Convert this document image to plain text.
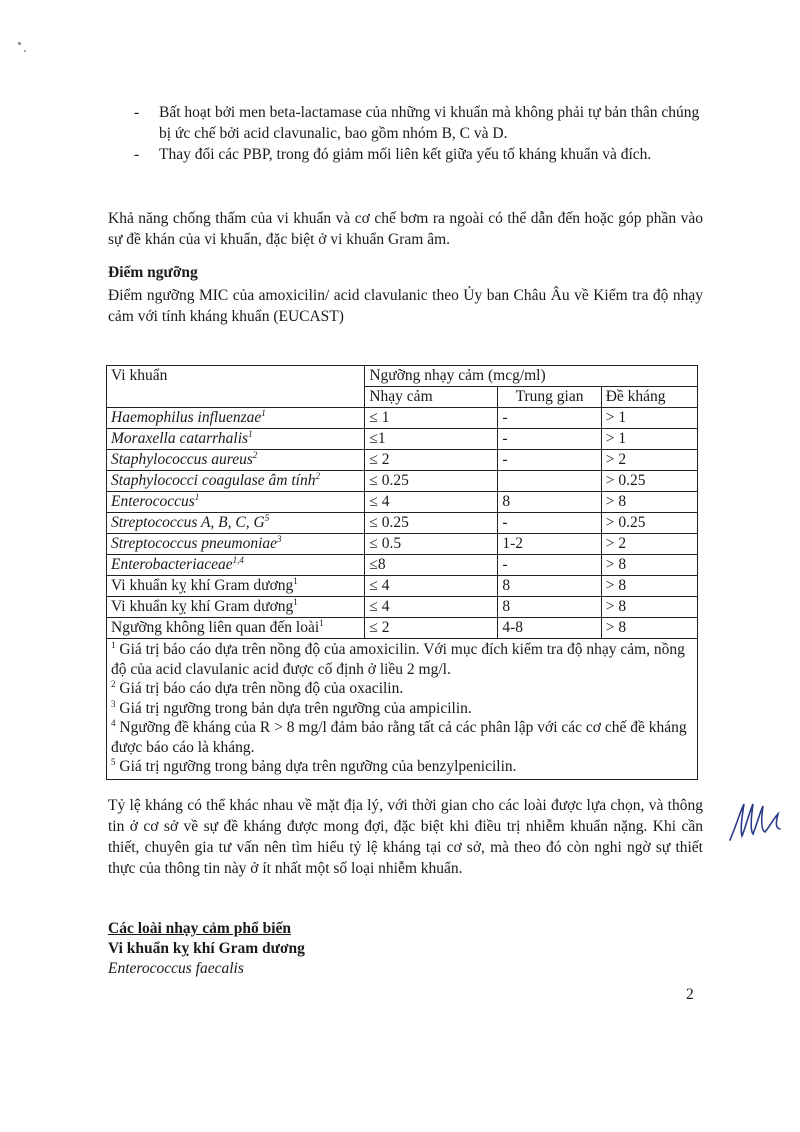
- Bất hoạt bởi men beta-lactamase của những vi khuẩn mà không phải tự bản thân chúng bị ức chế bởi acid clavunalic, bao gồm nhóm B, C và D.
- Thay đổi các PBP, trong đó giảm mối liên kết giữa yếu tố kháng khuẩn và đích.

Khả năng chống thấm của vi khuẩn và cơ chế bơm ra ngoài có thể dẫn đến hoặc góp phần vào sự đề khán của vi khuẩn, đặc biệt ở vi khuẩn Gram âm.

Điểm ngưỡng

Điểm ngưỡng MIC của amoxicilin/ acid clavulanic theo Ủy ban Châu Âu về Kiểm tra độ nhạy cảm với tính kháng khuẩn (EUCAST)

Vi khuẩn	Ngưỡng nhạy cảm (mcg/ml)		
	Nhạy cảm	Trung gian	Đề kháng
Haemophilus influenzae$^1$	≤ 1	-	> 1
Moraxella catarrhalis$^1$	≤1	-	> 1
Staphylococcus aureus$^2$	≤ 2	-	> 2
Staphylococci coagulase âm tính$^2$	≤ 0.25		> 0.25
Enterococcus$^1$	≤ 4	8	> 8
Streptococcus A, B, C, $G^5$	≤ 0.25	-	> 0.25
Streptococcus pneumoniae$^3$	≤ 0.5	1-2	> 2
Enterobacteriaceae$^{1,4}$	≤8	-	> 8
Vi khuẩn kỵ khí Gram dương$^1$	≤ 4	8	> 8
Vi khuẩn kỵ khí Gram dương$^1$	≤ 4	8	> 8
Ngưỡng không liên quan đến loài$^1$	≤ 2	4-8	> 8

$^1$ Giá trị báo cáo dựa trên nồng độ của amoxicilin. Với mục đích kiểm tra độ nhạy cảm, nồng độ của acid clavulanic acid được cố định ở liều 2 mg/l.
$^2$ Giá trị báo cáo dựa trên nồng độ của oxacilin.
$^3$ Giá trị ngưỡng trong bản dựa trên ngưỡng của ampicilin.
$^4$ Ngưỡng đề kháng của R > 8 mg/l đảm bảo rằng tất cả các phân lập với các cơ chế đề kháng được báo cáo là kháng.
$^5$ Giá trị ngưỡng trong bảng dựa trên ngưỡng của benzylpenicilin.			

Tỷ lệ kháng có thể khác nhau về mặt địa lý, với thời gian cho các loài được lựa chọn, và thông tin ở cơ sở về sự đề kháng được mong đợi, đặc biệt khi điều trị nhiễm khuẩn nặng. Khi cần thiết, chuyên gia tư vấn nên tìm hiểu tỷ lệ kháng tại cơ sở, mà theo đó còn nghi ngờ sự thiết thực của thông tin này ở ít nhất một số loại nhiễm khuẩn.

Các loài nhạy cảm phổ biến

Vi khuẩn kỵ khí Gram dương

Enterococcus faecalis

2
